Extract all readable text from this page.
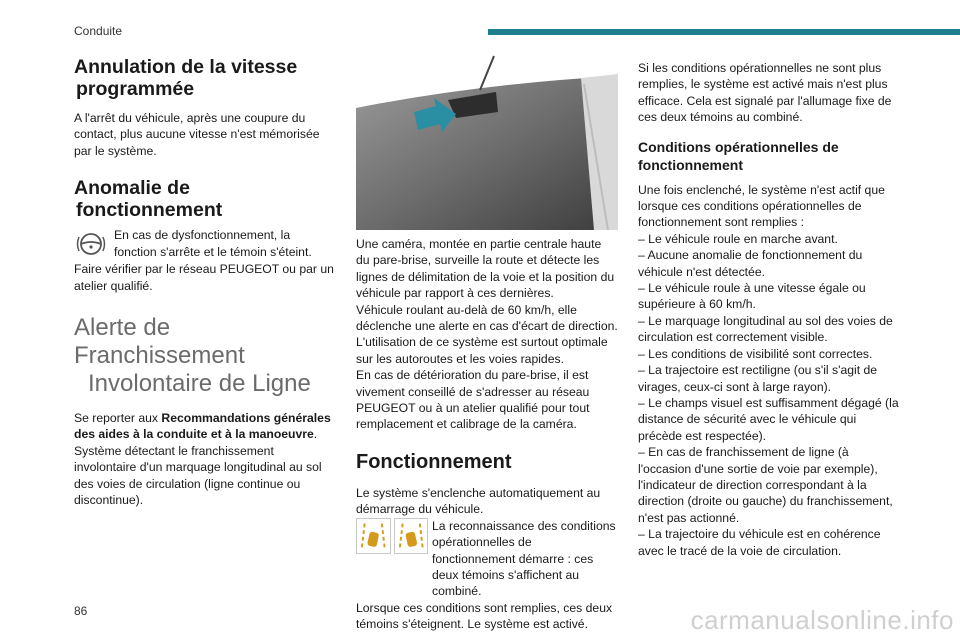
Conduite
Annulation de la vitesse
programmée

A l'arrêt du véhicule, après une coupure du contact, plus aucune vitesse n'est mémorisée par le système.

Anomalie de
fonctionnement
En cas de dysfonctionnement, la fonction s'arrête et le témoin s'éteint.

Faire vérifier par le réseau PEUGEOT ou par un atelier qualifié.

Alerte de Franchissement
Involontaire de Ligne

Se reporter aux Recommandations générales des aides à la conduite et à la manoeuvre.

Système détectant le franchissement involontaire d'un marquage longitudinal au sol des voies de circulation (ligne continue ou discontinue).

Une caméra, montée en partie centrale haute du pare-brise, surveille la route et détecte les lignes de délimitation de la voie et la position du véhicule par rapport à ces dernières.

Véhicule roulant au-delà de 60 km/h, elle déclenche une alerte en cas d'écart de direction.

L'utilisation de ce système est surtout optimale sur les autoroutes et les voies rapides.

En cas de détérioration du pare-brise, il est vivement conseillé de s'adresser au réseau PEUGEOT ou à un atelier qualifié pour tout remplacement et calibrage de la caméra.

Fonctionnement

Le système s'enclenche automatiquement au démarrage du véhicule.

La reconnaissance des conditions opérationnelles de fonctionnement démarre : ces deux témoins s'affichent au combiné.

Lorsque ces conditions sont remplies, ces deux témoins s'éteignent. Le système est activé.

Si les conditions opérationnelles ne sont plus remplies, le système est activé mais n'est plus efficace. Cela est signalé par l'allumage fixe de ces deux témoins au combiné.

Conditions opérationnelles de fonctionnement

Une fois enclenché, le système n'est actif que lorsque ces conditions opérationnelles de fonctionnement sont remplies :

– Le véhicule roule en marche avant.

– Aucune anomalie de fonctionnement du véhicule n'est détectée.

– Le véhicule roule à une vitesse égale ou supérieure à 60 km/h.

– Le marquage longitudinal au sol des voies de circulation est correctement visible.

– Les conditions de visibilité sont correctes.

– La trajectoire est rectiligne (ou s'il s'agit de virages, ceux-ci sont à large rayon).

– Le champs visuel est suffisamment dégagé (la distance de sécurité avec le véhicule qui précède est respectée).

– En cas de franchissement de ligne (à l'occasion d'une sortie de voie par exemple), l'indicateur de direction correspondant à la direction (droite ou gauche) du franchissement, n'est pas actionné.

– La trajectoire du véhicule est en cohérence avec le tracé de la voie de circulation.

86	carmanualsonline.info
